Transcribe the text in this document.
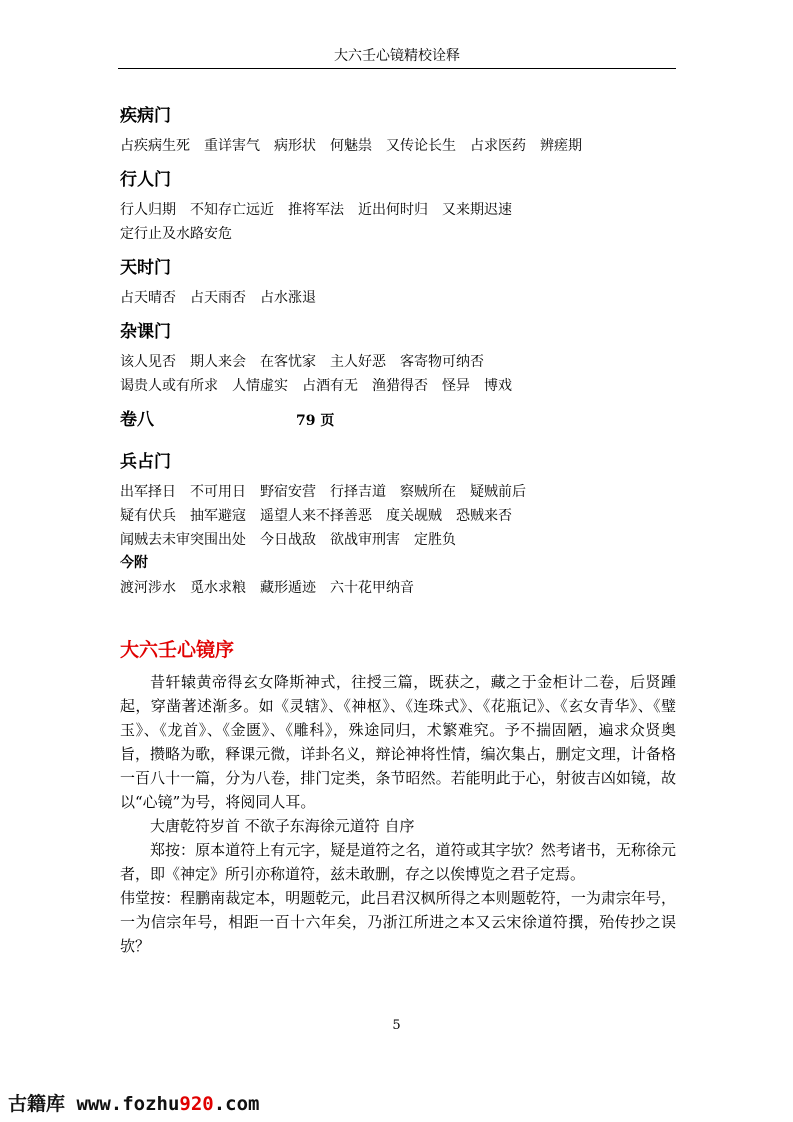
大六壬心镜精校诠释
疾病门
占疾病生死 重详害气 病形状 何魅祟 又传论长生 占求医药 辨瘥期
行人门
行人归期 不知存亡远近 推将军法 近出何时归 又来期迟速
定行止及水路安危
天时门
占天晴否 占天雨否 占水涨退
杂课门
该人见否 期人来会 在客忧家 主人好恶 客寄物可纳否
谒贵人或有所求 人情虚实 占酒有无 渔猎得否 怪异 博戏
卷八	79 页
兵占门
出军择日 不可用日 野宿安营 行择吉道 察贼所在 疑贼前后
疑有伏兵 抽军避寇 遥望人来不择善恶 度关觇贼 恐贼来否
闻贼去未审突围出处 今日战敌 欲战审刑害 定胜负
今附
渡河涉水 觅水求粮 藏形遁迹 六十花甲纳音
大六壬心镜序

昔轩辕黄帝得玄女降斯神式，往授三篇，既获之，藏之于金柜计二卷，后贤踵起，穿凿著述渐多。如《灵辖》、《神枢》、《连珠式》、《花瓶记》、《玄女青华》、《璧玉》、《龙首》、《金匮》、《雕科》，殊途同归，术繁难究。予不揣固陋，遍求众贤奥旨，攒略为歌，释课元微，详卦名义，辩论神将性情，编次集占，删定文理，计备格一百八十一篇，分为八卷，排门定类，条节昭然。若能明此于心，射彼吉凶如镜，故以“心镜”为号，将阅同人耳。

大唐乾符岁首 不欲子东海徐元道符 自序

郑按：原本道符上有元字，疑是道符之名，道符或其字欤？然考诸书，无称徐元者，即《神定》所引亦称道符，兹未敢删，存之以俟博览之君子定焉。

伟堂按：程鹏南裁定本，明题乾元，此吕君汉枫所得之本则题乾符，一为肃宗年号，一为信宗年号，相距一百十六年矣，乃浙江所进之本又云宋徐道符撰，殆传抄之误欤？

5
古籍库 www.fozhu920.com
